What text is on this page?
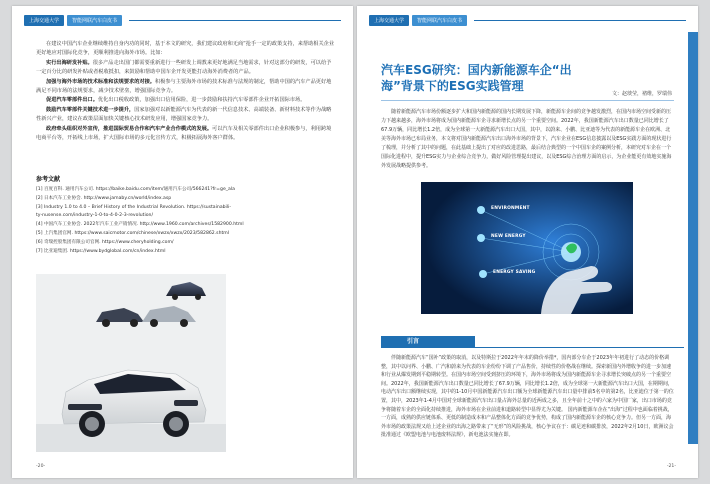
上海交通大学	智能网联汽车白皮书

在建议中国汽车企业继续维持自身内功的同时，基于本文的研究，我们建议政府和无商“抢手一定的政策支持，来帮助相关企业更好地应对国际化竞争，更顺利推进向海外市场。比如：

实行出海研发补贴。很多产品走出国门都需要重新进行一些研发上调教来更好地满足当地需求，针对这部分的研发，可以给予一定百分比的研发补贴或者税收抵扣，来鼓励和帮助中国车企开发更能打动海外消费者的产品。

加强与海外市场的技术标准和法规要求的对接。积极参与主要海外市场的技术标准与法规的制定，帮助中国的汽车产品更好地满足不同市场的法规要求，减少技术壁垒，增强国际竞争力。

促进汽车零部件出口。优化出口税收政策，加强出口信用保险，进一步鼓励和扶持汽车零部件企业开拓国际市场。

鼓励汽车零部件关键技术进一步提升，国家加强对以新能源汽车为代表的新一代信息技术、高端装备、新材料技术等作为战略性新兴产业，建议在政策层面加快关键核心技术研发应用，增强国家竞争力。

政府牵头组织对外宣传，推进国际贸易合作和汽车产业合作模式的发展。可以汽车及相关零部件出口企业积极参与，利用跨境电商平台等，开拓线上市场，扩大国际市场的多元化宣传方式，积极拓展海外客户群体。

参考文献
[1] 百度百科. 通用汽车公司. https://baike.baidu.com/item/通用汽车公司/566241?fr=ge_ala
[2] 日本汽车工业协会. http://www.jamaby.cn/world/index.asp
[3] Industry 1.0 to 4.0 – Brief History of the Industrial Revolution. https://sustainabili-
ty-nusense.com/industry-1-0-to-4-0-2-3-revolution/
[4] 中国汽车工业协会. 2022年汽车工业产销情况. http://www.1960.com/archives/1582900.html
[5] 上汽集团官网. https://www.saicmotor.com/chinese/xwzx/xwzx/2023/582862.shtml
[6] 奇瑞控股集团有限公司官网. https://www.cheryholding.com/
[7] 比亚迪集团. https://www.bydglobal.com/cn/index.html
-20-
上海交通大学	智能网联汽车白皮书
汽车ESG研究：国内新能源车企“出海”背景下的ESG实践管理
文：赵琰莹，褚维，罗瑞伟

随着新能源汽车市场份额逐步扩大和国内新能源的国内长期发展下降，新能源车企间的竞争越发激烈，在国内市场空间受新的压力下越来越多，海外市场将成为国内新能源车企寻求新增长点的另一个重要空间。2022年，我国新能源汽车出口数量已同比增长了67.9万辆，同比增长1.2倍，成为全球第一大新能源汽车出口大国，其中，以蔚来、小鹏、比亚迪等为代表的新能源车企在欧洲、北美等海外市场已布局业务，本文将对国内新能源汽车出口海外市场的背景下，汽车企业在ESG信息披露以及ESG实践方面的现状进行了梳理，并分析了其中的问题，在此基础上提出了对应的改进思路，最后结合典型的一个中国车企的案例分析，本研究对车企在一个国际化进程中，提升ESG实力与企业综合竞争力，做好风险管理提出建议，以及ESG综合治理方面的启示，为企业能更有效地实施海外发展战略提供参考。

ENVIRONMENT
NEW ENERGY
ENERGY SAVING
引言

伴随新能源汽车“国补”政策的取消，以及特斯拉于2022年年末的降价举措*，国内部分车企于2023年年初进行了动态的价格调整，其中以问界、小鹏、广汽和蔚来为代表的车企纷纷下调了产品售价，持续性的价格战在继续。探索新国内外增收争的进一步加速和行业从爆发期到平稳期转型。在国内市场空间受到挤压的环境下，海外市场将成为国内新能源车企寻求增长突破点的另一个重要空间。2022年，我国新能源汽车出口数量已同比增长了67.9万辆，同比增长1.2倍，成为全球第一大新能源汽车出口大国，在期期间，电动汽车出口额继续实现，其中的1-10月中国新能源汽车出口额为全球新能源汽车出口量中排前5名中的第2名，比亚迪位于第一的位置，其中，2023年1-4月中国对全球新能源汽车出口量占海外总量的近两成之多，且全年前十之中的六家为中国厂家，出口市场的竞争将随着车企的全面化持续推进，海外市场在企业前进和道路转型中显得尤为关键。 国内新能源车企在“出海”过程中也面临着挑战，一方面，成熟的供应链体系、更低的制造成本和产品整体化方面的竞争优势，构成了国内新能源车企的核心竞争力。但另一方面，海外市场的政策法规又给上述企业的出海之路带来了“无形”的风险挑战，核心争议在于：碳足迹和碳排放，2022年2月10日，欧洲议会批准通过《欧盟电池与电池废料法规》，新电池法实施在即。

-21-
